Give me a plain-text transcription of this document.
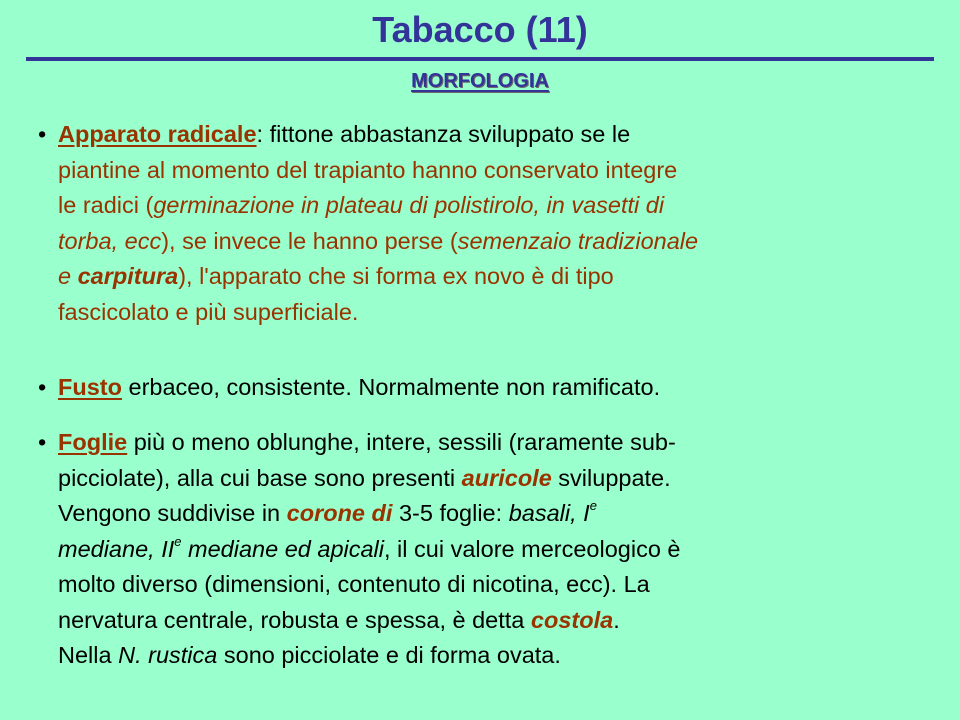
Tabacco (11)
MORFOLOGIA
• Apparato radicale: fittone abbastanza sviluppato se le
piantine al momento del trapianto hanno conservato integre
le radici (germinazione in plateau di polistirolo, in vasetti di
torba, ecc), se invece le hanno perse (semenzaio tradizionale
e carpitura), l'apparato che si forma ex novo è di tipo
fascicolato e più superficiale.
• Fusto erbaceo, consistente. Normalmente non ramificato.
• Foglie più o meno oblunghe, intere, sessili (raramente sub-
picciolate), alla cui base sono presenti auricole sviluppate.
Vengono suddivise in corone di 3-5 foglie: basali, Ie
mediane, IIe mediane ed apicali, il cui valore merceologico è
molto diverso (dimensioni, contenuto di nicotina, ecc). La
nervatura centrale, robusta e spessa, è detta costola.
Nella N. rustica sono picciolate e di forma ovata.
